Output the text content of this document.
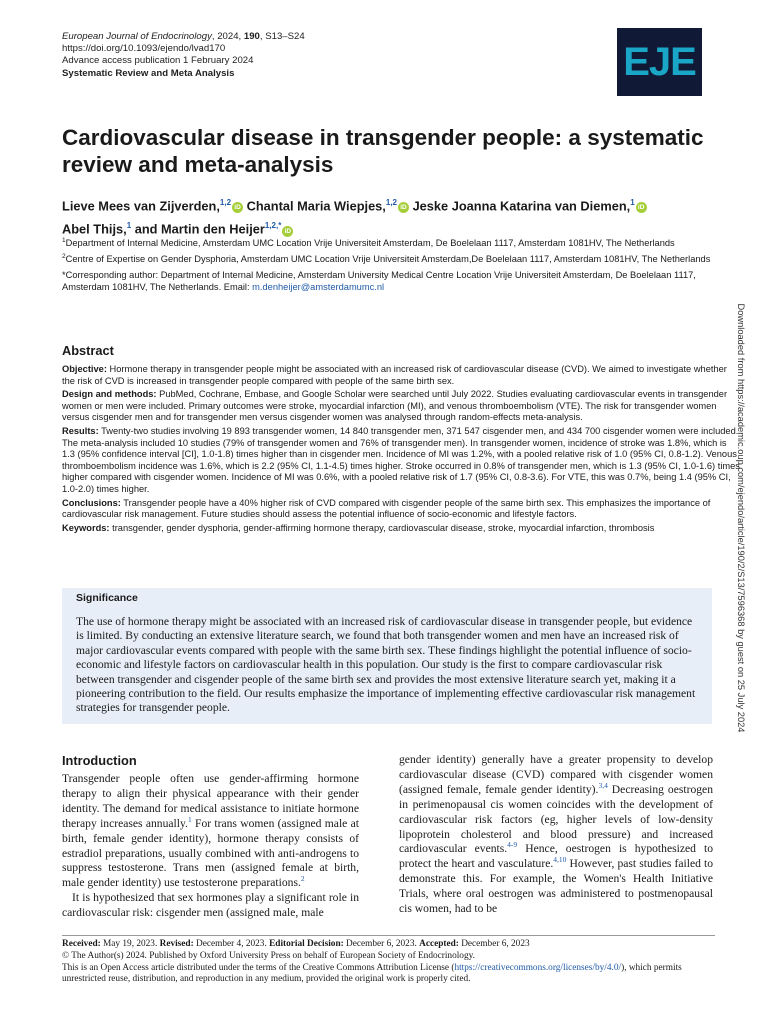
European Journal of Endocrinology, 2024, 190, S13–S24
https://doi.org/10.1093/ejendo/lvad170
Advance access publication 1 February 2024
Systematic Review and Meta Analysis	EJE
Cardiovascular disease in transgender people: a systematic review and meta-analysis
Lieve Mees van Zijverden,$^{1,2}$iD Chantal Maria Wiepjes,$^{1,2}$iD Jeske Joanna Katarina van Diemen,$^1$iD
Abel Thijs,$^1$ and Martin den Heijer$^{1,2,*}$iD

$^1$Department of Internal Medicine, Amsterdam UMC Location Vrije Universiteit Amsterdam, De Boelelaan 1117, Amsterdam 1081HV, The Netherlands

$^2$Centre of Expertise on Gender Dysphoria, Amsterdam UMC Location Vrije Universiteit Amsterdam,De Boelelaan 1117, Amsterdam 1081HV, The Netherlands

*Corresponding author: Department of Internal Medicine, Amsterdam University Medical Centre Location Vrije Universiteit Amsterdam, De Boelelaan 1117, Amsterdam 1081HV, The Netherlands. Email: m.denheijer@amsterdamumc.nl

Abstract

Objective: Hormone therapy in transgender people might be associated with an increased risk of cardiovascular disease (CVD). We aimed to investigate whether the risk of CVD is increased in transgender people compared with people of the same birth sex.

Design and methods: PubMed, Cochrane, Embase, and Google Scholar were searched until July 2022. Studies evaluating cardiovascular events in transgender women or men were included. Primary outcomes were stroke, myocardial infarction (MI), and venous thromboembolism (VTE). The risk for transgender women versus cisgender men and for transgender men versus cisgender women was analysed through random-effects meta-analysis.

Results: Twenty-two studies involving 19 893 transgender women, 14 840 transgender men, 371 547 cisgender men, and 434 700 cisgender women were included. The meta-analysis included 10 studies (79% of transgender women and 76% of transgender men). In transgender women, incidence of stroke was 1.8%, which is 1.3 (95% confidence interval [CI], 1.0-1.8) times higher than in cisgender men. Incidence of MI was 1.2%, with a pooled relative risk of 1.0 (95% CI, 0.8-1.2). Venous thromboembolism incidence was 1.6%, which is 2.2 (95% CI, 1.1-4.5) times higher. Stroke occurred in 0.8% of transgender men, which is 1.3 (95% CI, 1.0-1.6) times higher compared with cisgender women. Incidence of MI was 0.6%, with a pooled relative risk of 1.7 (95% CI, 0.8-3.6). For VTE, this was 0.7%, being 1.4 (95% CI, 1.0-2.0) times higher.

Conclusions: Transgender people have a 40% higher risk of CVD compared with cisgender people of the same birth sex. This emphasizes the importance of cardiovascular risk management. Future studies should assess the potential influence of socio-economic and lifestyle factors.

Keywords: transgender, gender dysphoria, gender-affirming hormone therapy, cardiovascular disease, stroke, myocardial infarction, thrombosis	Downloaded from https://academic.oup.com/ejendo/article/190/2/S13/7596368 by guest on 25 July 2024
Significance

The use of hormone therapy might be associated with an increased risk of cardiovascular disease in transgender people, but evidence is limited. By conducting an extensive literature search, we found that both transgender women and men have an increased risk of major cardiovascular events compared with people with the same birth sex. These findings highlight the potential influence of socio-economic and lifestyle factors on cardiovascular health in this population. Our study is the first to compare cardiovascular risk between transgender and cisgender people of the same birth sex and provides the most extensive literature search yet, making it a pioneering contribution to the field. Our results emphasize the importance of implementing effective cardiovascular risk management strategies for transgender people.

Introduction

Transgender people often use gender-affirming hormone therapy to align their physical appearance with their gender identity. The demand for medical assistance to initiate hormone therapy increases annually.$^1$ For trans women (assigned male at birth, female gender identity), hormone therapy consists of estradiol preparations, usually combined with anti-androgens to suppress testosterone. Trans men (assigned female at birth, male gender identity) use testosterone preparations.$^2$

It is hypothesized that sex hormones play a significant role in cardiovascular risk: cisgender men (assigned male, male

gender identity) generally have a greater propensity to develop cardiovascular disease (CVD) compared with cisgender women (assigned female, female gender identity).$^{3,4}$ Decreasing oestrogen in perimenopausal cis women coincides with the development of cardiovascular risk factors (eg, higher levels of low-density lipoprotein cholesterol and blood pressure) and increased cardiovascular events.$^{4-9}$ Hence, oestrogen is hypothesized to protect the heart and vasculature.$^{4,10}$ However, past studies failed to demonstrate this. For example, the Women's Health Initiative Trials, where oral oestrogen was administered to postmenopausal cis women, had to be

Received: May 19, 2023. Revised: December 4, 2023. Editorial Decision: December 6, 2023. Accepted: December 6, 2023

© The Author(s) 2024. Published by Oxford University Press on behalf of European Society of Endocrinology.

This is an Open Access article distributed under the terms of the Creative Commons Attribution License (https://creativecommons.org/licenses/by/4.0/), which permits unrestricted reuse, distribution, and reproduction in any medium, provided the original work is properly cited.
